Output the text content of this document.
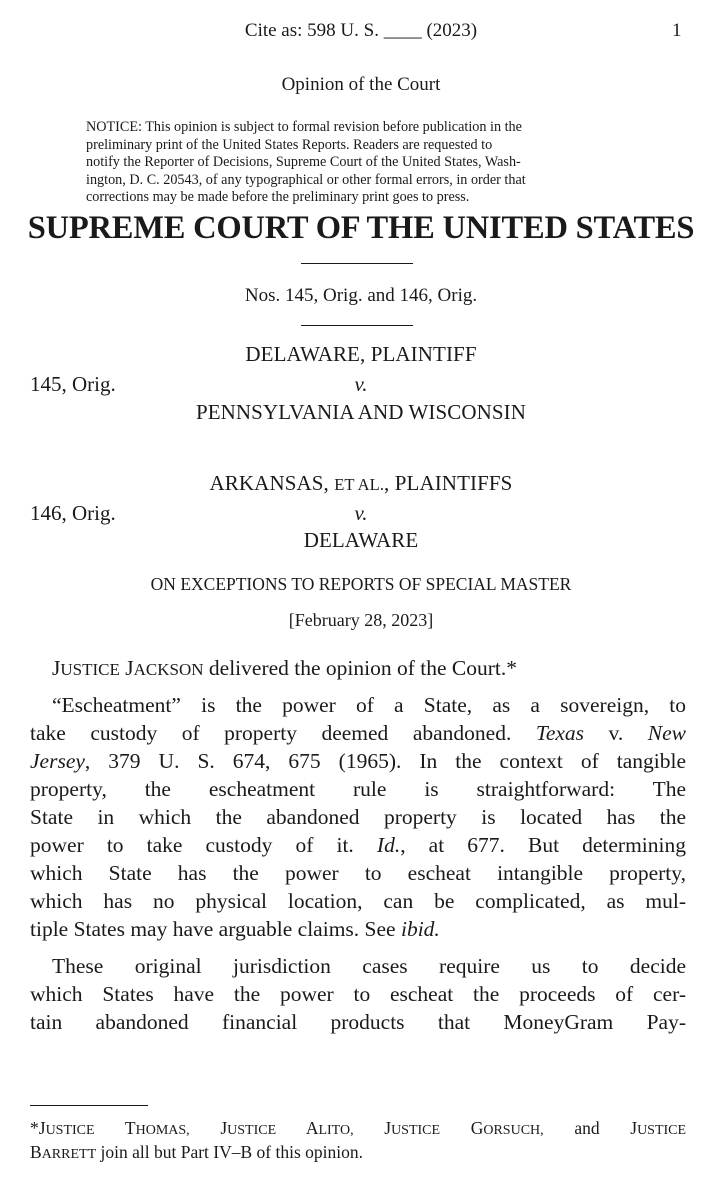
Cite as: 598 U. S. ____ (2023)	1
Opinion of the Court
NOTICE: This opinion is subject to formal revision before publication in the
preliminary print of the United States Reports. Readers are requested to
notify the Reporter of Decisions, Supreme Court of the United States, Wash-
ington, D. C. 20543, of any typographical or other formal errors, in order that
corrections may be made before the preliminary print goes to press.
SUPREME COURT OF THE UNITED STATES
Nos. 145, Orig. and 146, Orig.
DELAWARE, PLAINTIFF
145, Orig.	v.
PENNSYLVANIA AND WISCONSIN
ARKANSAS, ET AL., PLAINTIFFS
146, Orig.	v.
DELAWARE
ON EXCEPTIONS TO REPORTS OF SPECIAL MASTER
[February 28, 2023]
JUSTICE JACKSON delivered the opinion of the Court.*
“Escheatment” is the power of a State, as a sovereign, to
take custody of property deemed abandoned. Texas v. New
Jersey, 379 U. S. 674, 675 (1965). In the context of tangible
property, the escheatment rule is straightforward: The
State in which the abandoned property is located has the
power to take custody of it. Id., at 677. But determining
which State has the power to escheat intangible property,
which has no physical location, can be complicated, as mul-
tiple States may have arguable claims. See ibid.
These original jurisdiction cases require us to decide
which States have the power to escheat the proceeds of cer-
tain abandoned financial products that MoneyGram Pay-
*JUSTICE THOMAS, JUSTICE ALITO, JUSTICE GORSUCH, and JUSTICE
BARRETT join all but Part IV–B of this opinion.
